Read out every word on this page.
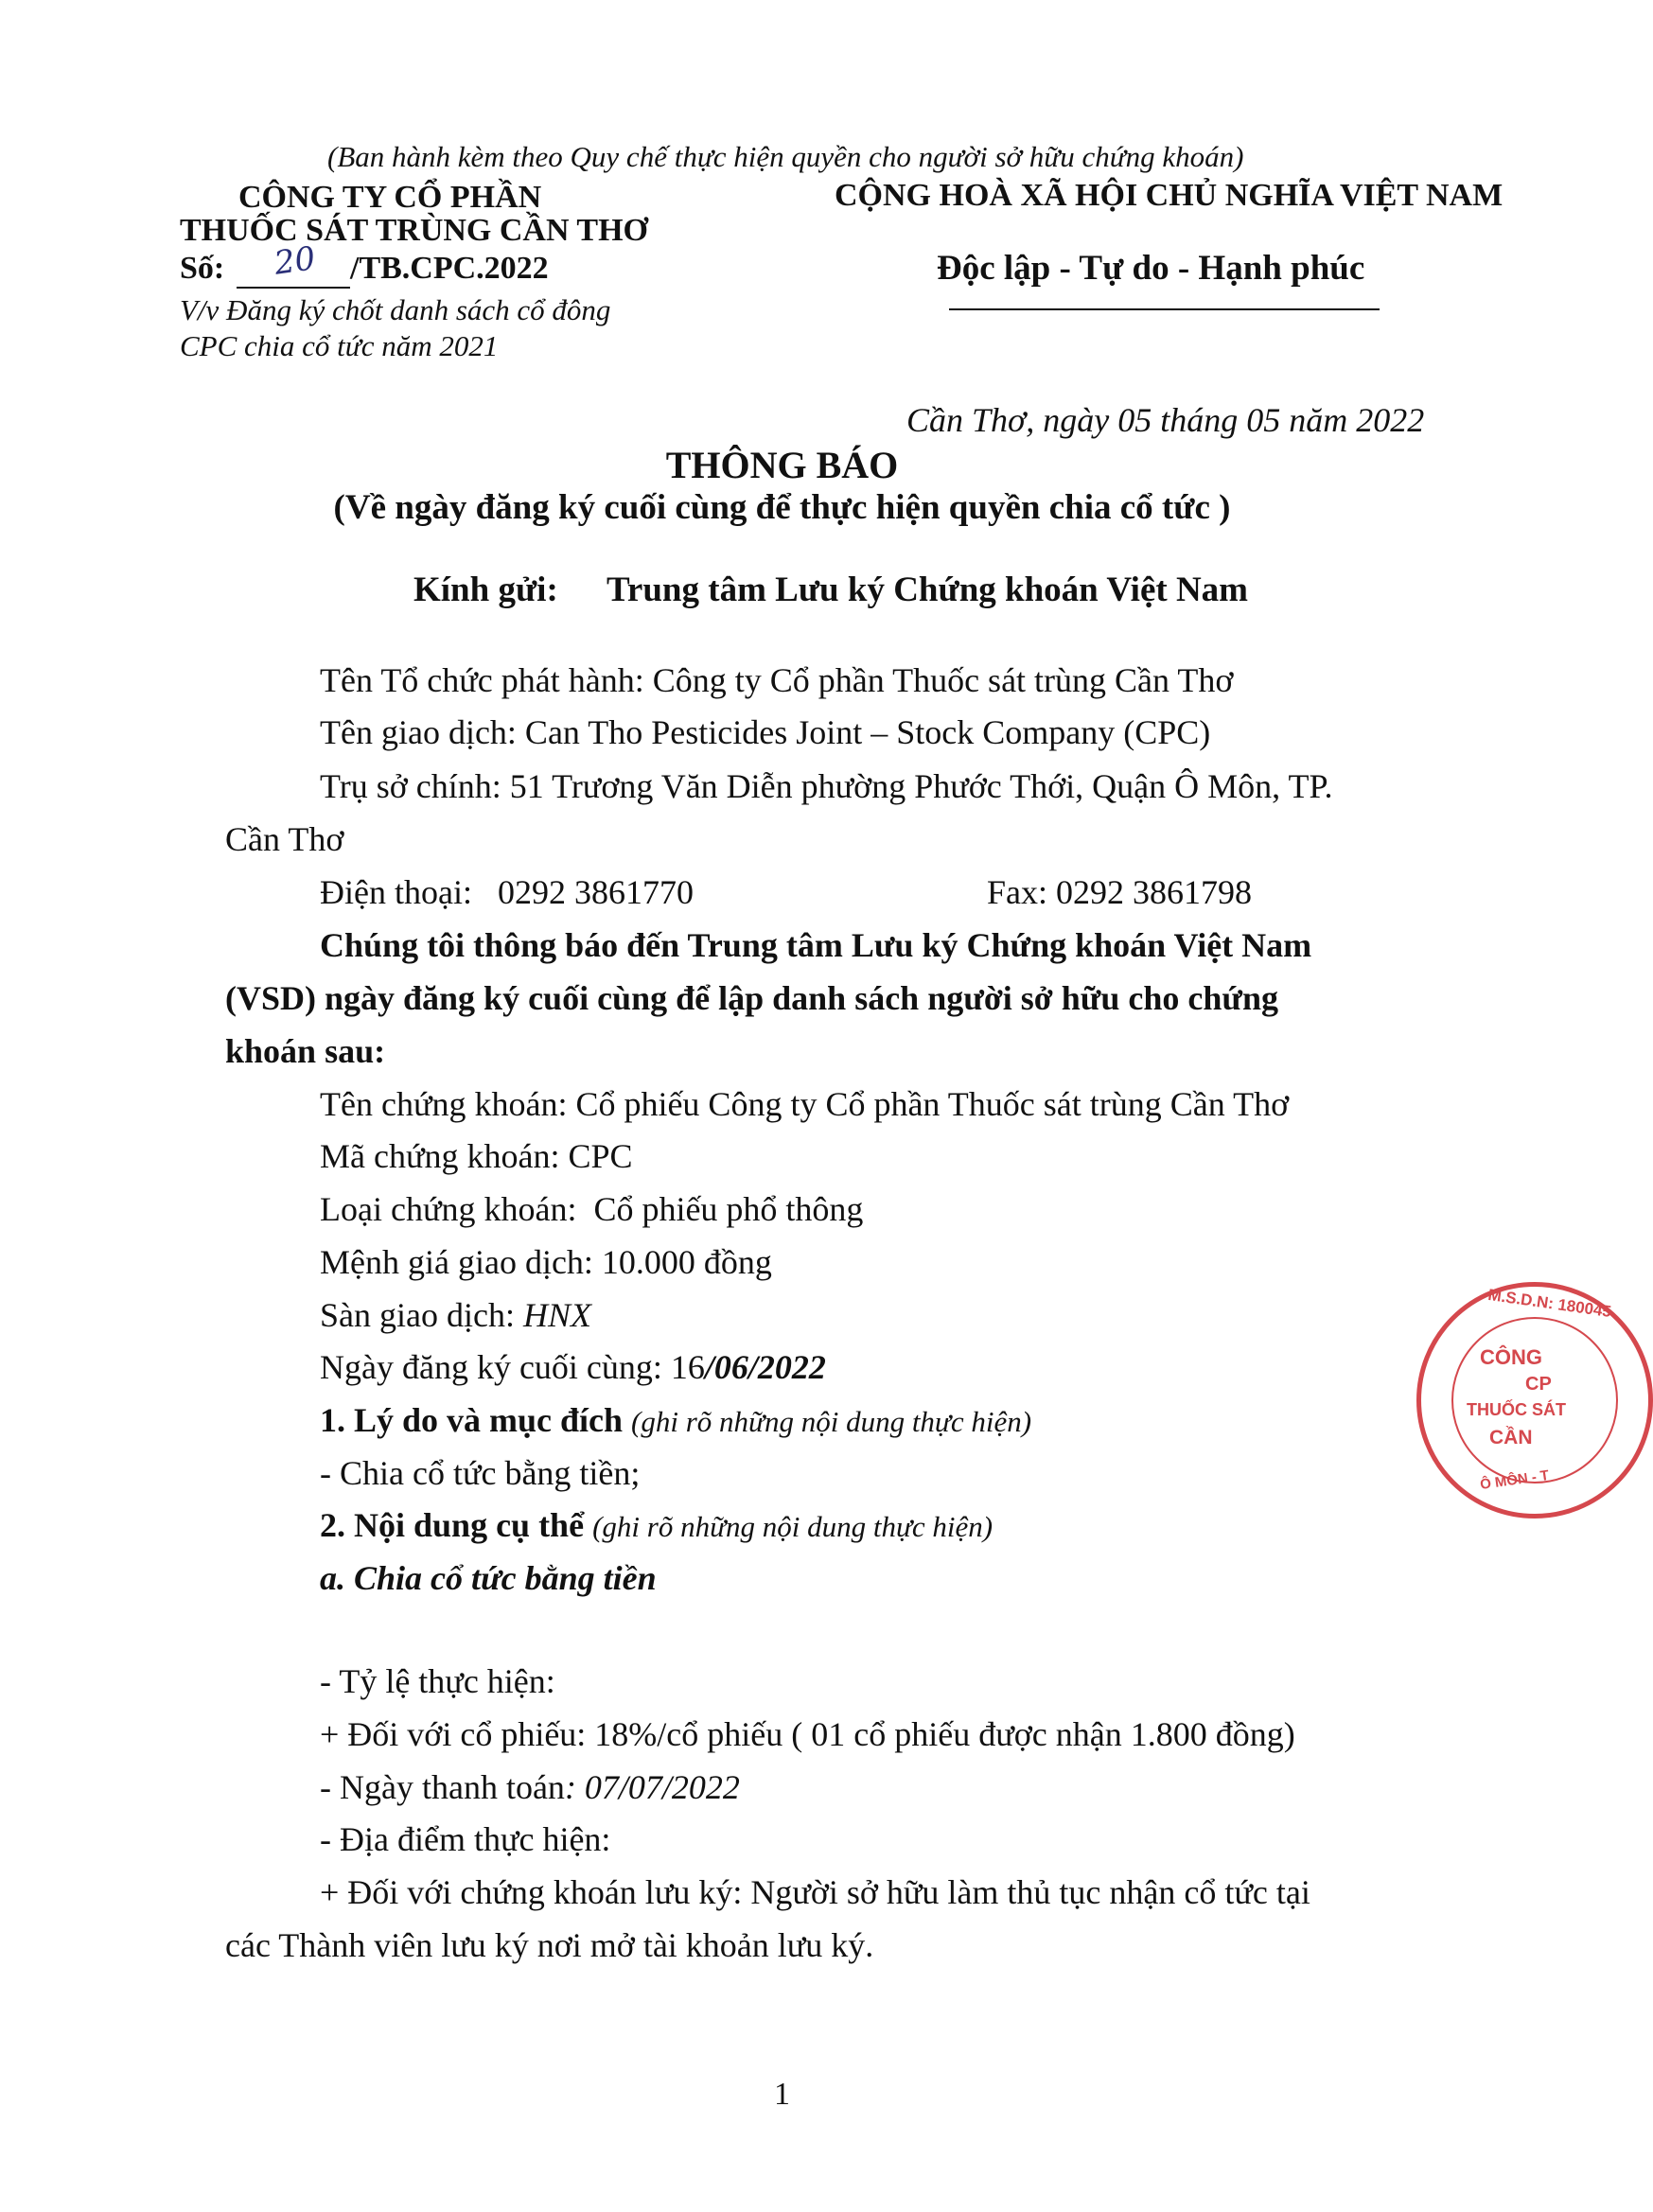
(Ban hành kèm theo Quy chế thực hiện quyền cho người sở hữu chứng khoán)
CÔNG TY CỔ PHẦN
THUỐC SÁT TRÙNG CẦN THƠ
Số: 20 /TB.CPC.2022
V/v Đăng ký chốt danh sách cổ đông
CPC chia cổ tức năm 2021
CỘNG HOÀ XÃ HỘI CHỦ NGHĨA VIỆT NAM
Độc lập - Tự do - Hạnh phúc
Cần Thơ, ngày 05 tháng 05 năm 2022
THÔNG BÁO
(Về ngày đăng ký cuối cùng để thực hiện quyền chia cổ tức )
Kính gửi: Trung tâm Lưu ký Chứng khoán Việt Nam
Tên Tổ chức phát hành: Công ty Cổ phần Thuốc sát trùng Cần Thơ
Tên giao dịch: Can Tho Pesticides Joint – Stock Company (CPC)
Trụ sở chính: 51 Trương Văn Diễn phường Phước Thới, Quận Ô Môn, TP.
Cần Thơ
Điện thoại:   0292 3861770	Fax: 0292 3861798
Chúng tôi thông báo đến Trung tâm Lưu ký Chứng khoán Việt Nam
(VSD) ngày đăng ký cuối cùng để lập danh sách người sở hữu cho chứng
khoán sau:
Tên chứng khoán: Cổ phiếu Công ty Cổ phần Thuốc sát trùng Cần Thơ
Mã chứng khoán: CPC
Loại chứng khoán:  Cổ phiếu phổ thông
Mệnh giá giao dịch: 10.000 đồng
Sàn giao dịch: HNX
Ngày đăng ký cuối cùng: 16/06/2022
1. Lý do và mục đích (ghi rõ những nội dung thực hiện)
- Chia cổ tức bằng tiền;
2. Nội dung cụ thể (ghi rõ những nội dung thực hiện)
a. Chia cổ tức bằng tiền
- Tỷ lệ thực hiện:
+ Đối với cổ phiếu: 18%/cổ phiếu ( 01 cổ phiếu được nhận 1.800 đồng)
- Ngày thanh toán: 07/07/2022
- Địa điểm thực hiện:
+ Đối với chứng khoán lưu ký: Người sở hữu làm thủ tục nhận cổ tức tại
các Thành viên lưu ký nơi mở tài khoản lưu ký.
1
M.S.D.N: 180045
CÔNG
CP
THUỐC SÁT
CẦN
Ô MÔN - T
